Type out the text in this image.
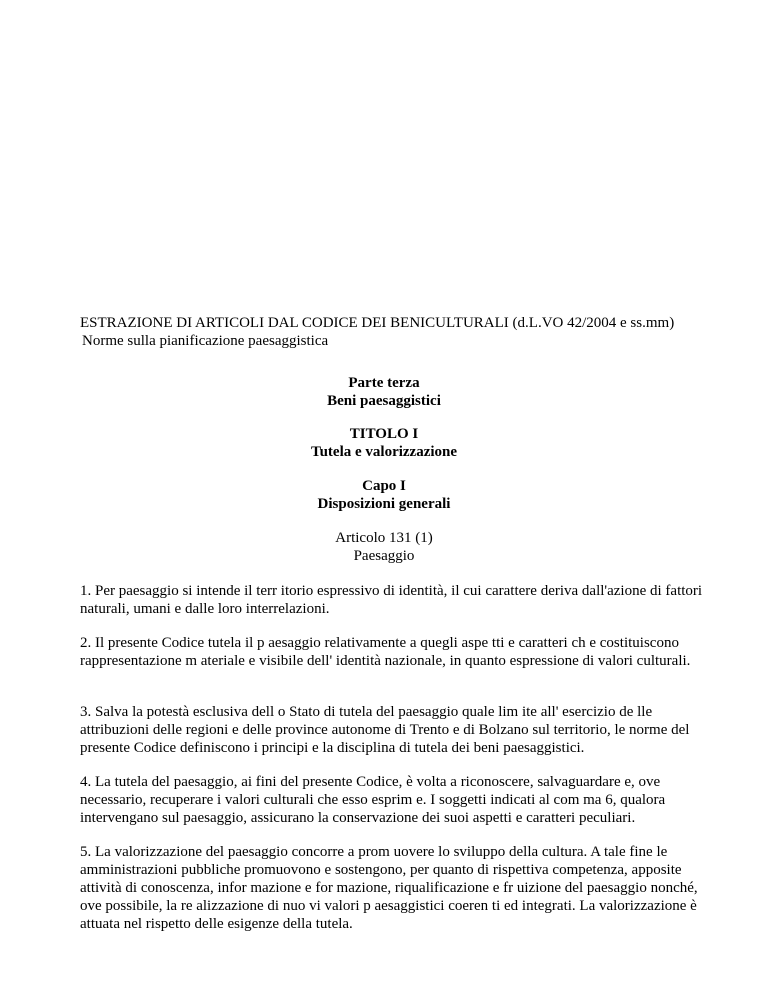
ESTRAZIONE DI ARTICOLI DAL CODICE DEI BENICULTURALI (d.L.VO 42/2004 e ss.mm)
Norme sulla pianificazione paesaggistica
Parte terza
Beni paesaggistici
TITOLO I
Tutela e valorizzazione
Capo I
Disposizioni generali
Articolo 131 (1)
Paesaggio
1. Per paesaggio si intende il terr itorio espressivo di identità, il cui carattere deriva dall'azione di fattori naturali, umani e dalle loro interrelazioni.
2. Il presente Codice tutela il p aesaggio relativamente a quegli aspe tti e caratteri ch e costituiscono rappresentazione m ateriale e visibile dell' identità nazionale, in quanto espressione di valori culturali.
3. Salva la potestà esclusiva dell o Stato di tutela del paesaggio quale lim ite all' esercizio de lle attribuzioni delle regioni e delle province autonome di Trento e di Bolzano sul territorio, le norme del presente Codice definiscono i principi e la disciplina di tutela dei beni paesaggistici.
4. La tutela del paesaggio, ai fini del presente Codice, è volta a riconoscere, salvaguardare e, ove necessario, recuperare i valori culturali che esso esprim e. I soggetti indicati al com ma 6, qualora intervengano sul paesaggio, assicurano la conservazione dei suoi aspetti e caratteri peculiari.
5. La valorizzazione del paesaggio concorre a prom uovere lo sviluppo della cultura. A tale fine le amministrazioni pubbliche promuovono e sostengono, per quanto di rispettiva competenza, apposite attività di conoscenza, infor mazione e for mazione, riqualificazione e fr uizione del paesaggio nonché, ove possibile, la re alizzazione di nuo vi valori p aesaggistici coeren ti ed integrati. La valorizzazione è attuata nel rispetto delle esigenze della tutela.
